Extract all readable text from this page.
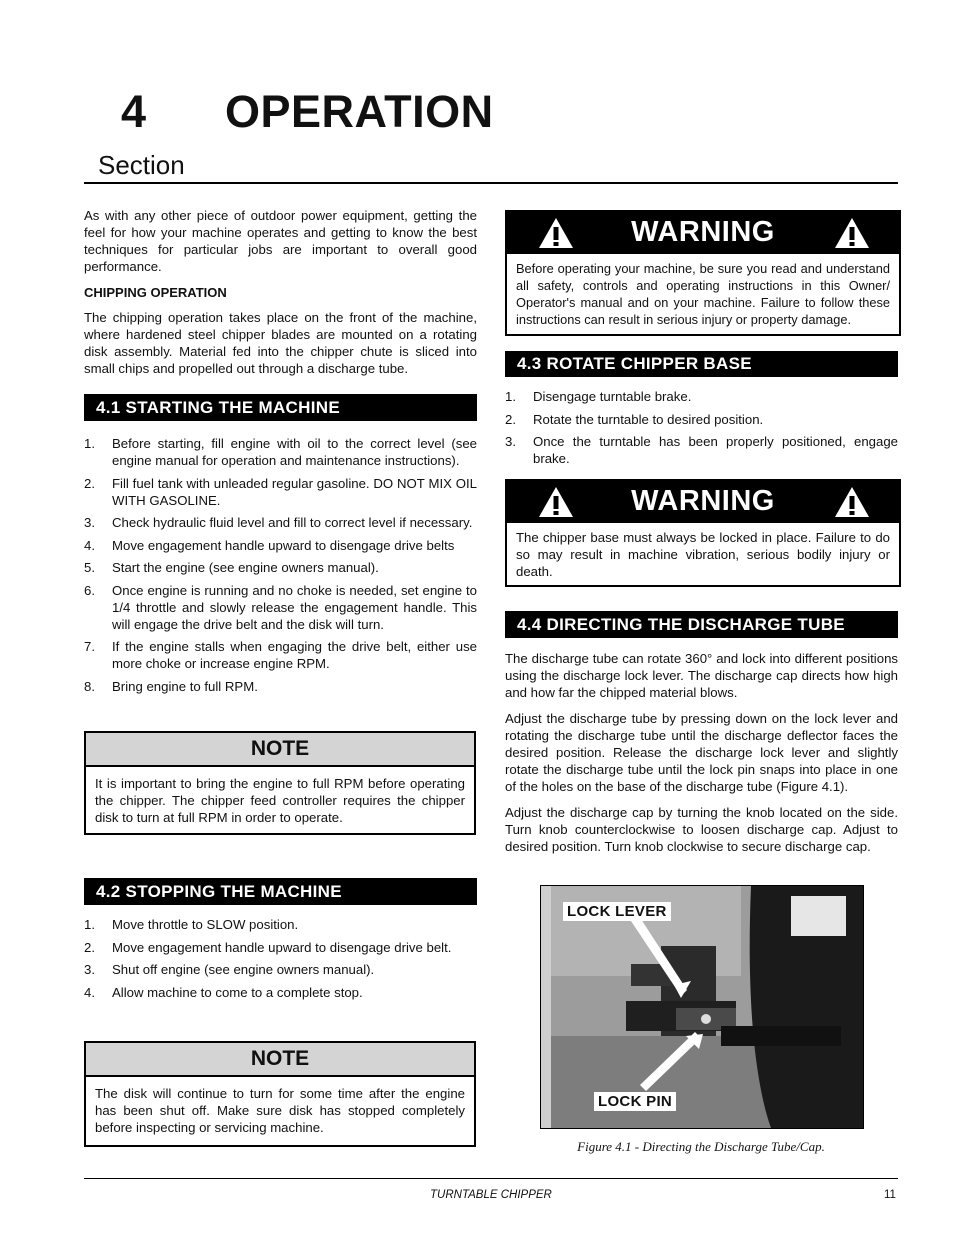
4 OPERATION
Section

As with any other piece of outdoor power equipment, getting the feel for how your machine operates and getting to know the best techniques for particular jobs are important to overall good performance.

CHIPPING OPERATION

The chipping operation takes place on the front of the machine, where hardened steel chipper blades are mounted on a rotating disk assembly. Material fed into the chipper chute is sliced into small chips and propelled out through a discharge tube.

4.1 STARTING THE MACHINE
1.	Before starting, fill engine with oil to the correct level (see engine manual for operation and maintenance instructions).
2.	Fill fuel tank with unleaded regular gasoline. DO NOT MIX OIL WITH GASOLINE.
3.	Check hydraulic fluid level and fill to correct level if necessary.
4.	Move engagement handle upward to disengage drive belts
5.	Start the engine (see engine owners manual).
6.	Once engine is running and no choke is needed, set engine to 1/4 throttle and slowly release the engagement handle. This will engage the drive belt and the disk will turn.
7.	If the engine stalls when engaging the drive belt, either use more choke or increase engine RPM.
8.	Bring engine to full RPM.
NOTE
It is important to bring the engine to full RPM before operating the chipper. The chipper feed controller requires the chipper disk to turn at full RPM in order to operate.
4.2 STOPPING THE MACHINE
1.	Move throttle to SLOW position.
2.	Move engagement handle upward to disengage drive belt.
3.	Shut off engine (see engine owners manual).
4.	Allow machine to come to a complete stop.
NOTE
The disk will continue to turn for some time after the engine has been shut off. Make sure disk has stopped completely before inspecting or servicing machine.
WARNING
Before operating your machine, be sure you read and understand all safety, controls and operating instructions in this Owner/ Operator's manual and on your machine. Failure to follow these instructions can result in serious injury or property damage.
4.3 ROTATE CHIPPER BASE
1.	Disengage turntable brake.
2.	Rotate the turntable to desired position.
3.	Once the turntable has been properly positioned, engage brake.
WARNING
The chipper base must always be locked in place. Failure to do so may result in machine vibration, serious bodily injury or death.
4.4 DIRECTING THE DISCHARGE TUBE

The discharge tube can rotate 360° and lock into different positions using the discharge lock lever. The discharge cap directs how high and how far the chipped material blows.

Adjust the discharge tube by pressing down on the lock lever and rotating the discharge tube until the discharge deflector faces the desired position. Release the discharge lock lever and slightly rotate the discharge tube until the lock pin snaps into place in one of the holes on the base of the discharge tube (Figure 4.1).

Adjust the discharge cap by turning the knob located on the side. Turn knob counterclockwise to loosen discharge cap. Adjust to desired position. Turn knob clockwise to secure discharge cap.

LOCK LEVER
LOCK PIN
Figure 4.1 - Directing the Discharge Tube/Cap.
TURNTABLE CHIPPER	11
